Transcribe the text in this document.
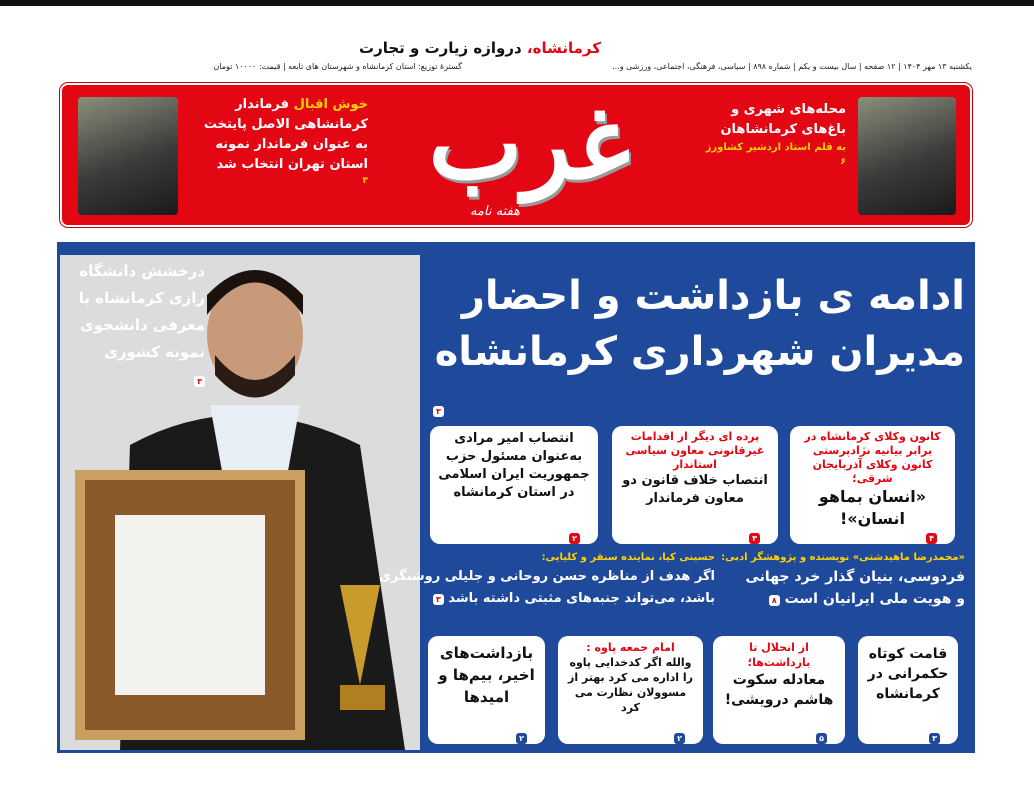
کرمانشاه، دروازه زیارت و تجارت
یکشنبه ۱۳ مهر ۱۴۰۴ | ۱۲ صفحه | سال بیست و یکم | شماره ۸۹۸ | سیاسی، فرهنگی، اجتماعی، ورزشی و...
گسترهٔ توزیع: استان کرمانشاه و شهرستان های تابعه | قیمت: ۱۰۰۰۰ تومان
محله‌های شهری و
باغ‌های کرمانشاهان
به قلم استاد اردشیر کشاورز
۶
غرب
هفته نامه
خوش اقبال فرماندار
کرمانشاهی الاصل پایتخت
به عنوان فرماندار نمونه
استان تهران انتخاب شد
۳
درخشش دانشگاه
رازی کرمانشاه با
معرفی دانشجوی
نمونه کشوری
۳
ادامه ی بازداشت و احضار
مدیران شهرداری کرمانشاه
۳
کانون وکلای کرمانشاه در برابر بیانیه نژادپرستی کانون وکلای آذربایجان شرقی؛
«انسان بماهو انسان»!
۴
پرده ای دیگر از اقدامات غیرقانونی معاون سیاسی استاندار
انتصاب خلاف قانون دو معاون فرماندار
۳
انتصاب امیر مرادی به‌عنوان مسئول حزب جمهوریت ایران اسلامی در استان کرمانشاه
۲
«محمدرضا ماهیدشتی» نویسنده و پژوهشگر ادبی:
فردوسی، بنیان گذار خرد جهانی
و هویت ملی ایرانیان است ۸
حسینی کیا، نماینده سنقر و کلیایی:
اگر هدف از مناظره حسن روحانی و جلیلی روشنگری
باشد، می‌تواند جنبه‌های مثبتی داشته باشد ۳
قامت کوتاه حکمرانی در کرمانشاه
۳
از انحلال تا بازداشت‌ها؛
معادله سکوت هاشم درویشی!
۵
امام جمعه پاوه :
والله اگر کدخدایی پاوه را اداره می کرد بهتر از مسوولان نظارت می کرد
۲
بازداشت‌های اخیر، بیم‌ها و امیدها
۲
